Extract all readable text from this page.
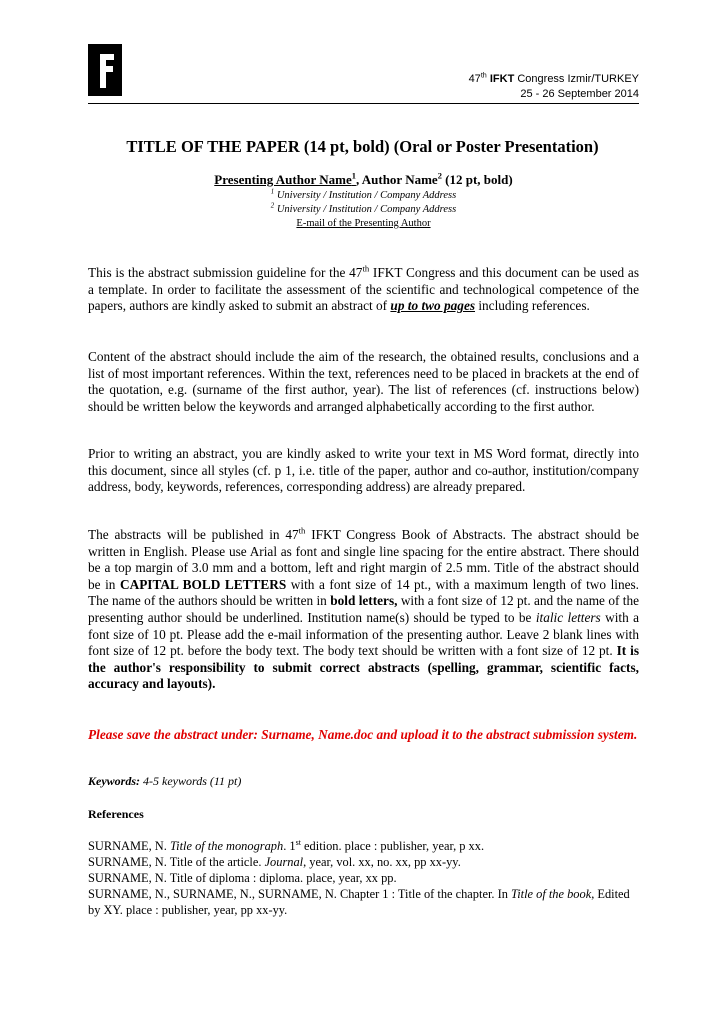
47th IFKT Congress Izmir/TURKEY
25 - 26 September 2014
TITLE OF THE PAPER (14 pt, bold) (Oral or Poster Presentation)
Presenting Author Name$^1$, Author Name$^2$ (12 pt, bold)
$^1$ University / Institution / Company Address
$^2$ University / Institution / Company Address
E-mail of the Presenting Author
This is the abstract submission guideline for the 47th IFKT Congress and this document can be used as a template. In order to facilitate the assessment of the scientific and technological competence of the papers, authors are kindly asked to submit an abstract of up to two pages including references.
Content of the abstract should include the aim of the research, the obtained results, conclusions and a list of most important references. Within the text, references need to be placed in brackets at the end of the quotation, e.g. (surname of the first author, year). The list of references (cf. instructions below) should be written below the keywords and arranged alphabetically according to the first author.
Prior to writing an abstract, you are kindly asked to write your text in MS Word format, directly into this document, since all styles (cf. p 1, i.e. title of the paper, author and co-author, institution/company address, body, keywords, references, corresponding address) are already prepared.
The abstracts will be published in 47th IFKT Congress Book of Abstracts. The abstract should be written in English. Please use Arial as font and single line spacing for the entire abstract. There should be a top margin of 3.0 mm and a bottom, left and right margin of 2.5 mm. Title of the abstract should be in CAPITAL BOLD LETTERS with a font size of 14 pt., with a maximum length of two lines. The name of the authors should be written in bold letters, with a font size of 12 pt. and the name of the presenting author should be underlined. Institution name(s) should be typed to be italic letters with a font size of 10 pt. Please add the e-mail information of the presenting author. Leave 2 blank lines with font size of 12 pt. before the body text. The body text should be written with a font size of 12 pt. It is the author's responsibility to submit correct abstracts (spelling, grammar, scientific facts, accuracy and layouts).
Please save the abstract under: Surname, Name.doc and upload it to the abstract submission system.
Keywords: 4-5 keywords (11 pt)
References
SURNAME, N. Title of the monograph. 1st edition. place : publisher, year, p xx.
SURNAME, N. Title of the article. Journal, year, vol. xx, no. xx, pp xx-yy.
SURNAME, N. Title of diploma : diploma. place, year, xx pp.
SURNAME, N., SURNAME, N., SURNAME, N. Chapter 1 : Title of the chapter. In Title of the book, Edited by XY. place : publisher, year, pp xx-yy.
